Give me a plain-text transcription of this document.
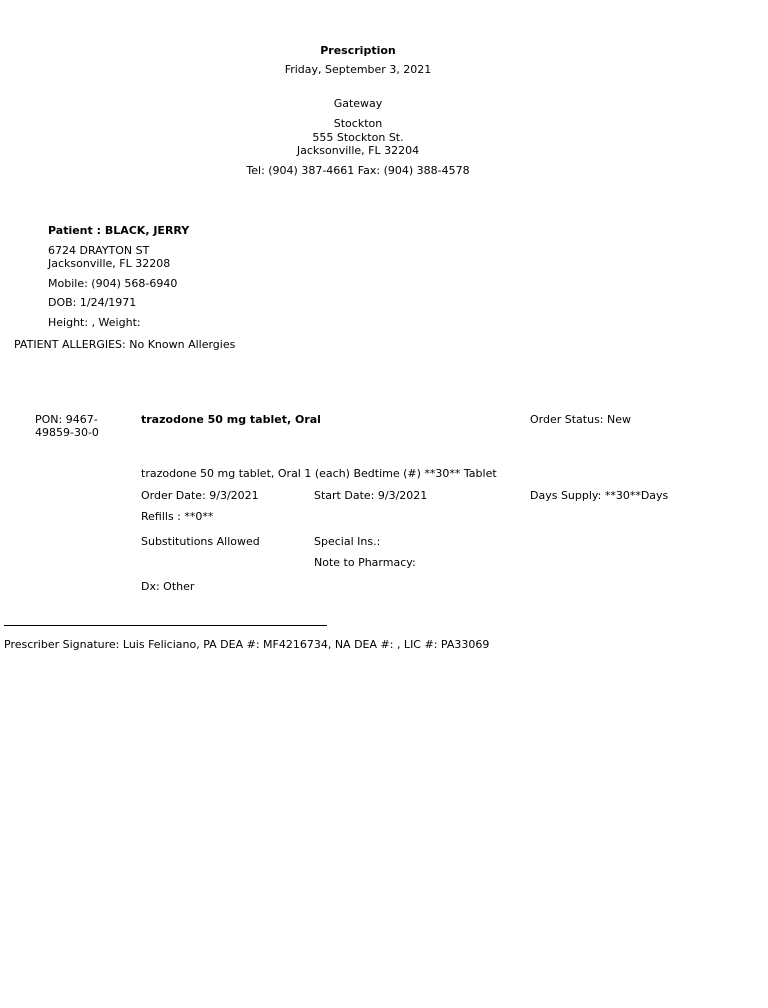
Prescription
Friday, September 3, 2021
Gateway
Stockton
555 Stockton St.
Jacksonville, FL 32204
Tel: (904) 387-4661 Fax: (904) 388-4578
Patient : BLACK, JERRY
6724 DRAYTON ST
Jacksonville, FL 32208
Mobile: (904) 568-6940
DOB: 1/24/1971
Height: , Weight:
PATIENT ALLERGIES: No Known Allergies
PON: 9467-
49859-30-0
trazodone 50 mg tablet, Oral	Order Status: New
trazodone 50 mg tablet, Oral 1 (each) Bedtime (#) **30** Tablet
Order Date: 9/3/2021	Start Date: 9/3/2021	Days Supply: **30**Days
Refills : **0**
Substitutions Allowed	Special Ins.:
Note to Pharmacy:
Dx: Other
Prescriber Signature: Luis Feliciano, PA DEA #: MF4216734, NA DEA #: , LIC #: PA33069
